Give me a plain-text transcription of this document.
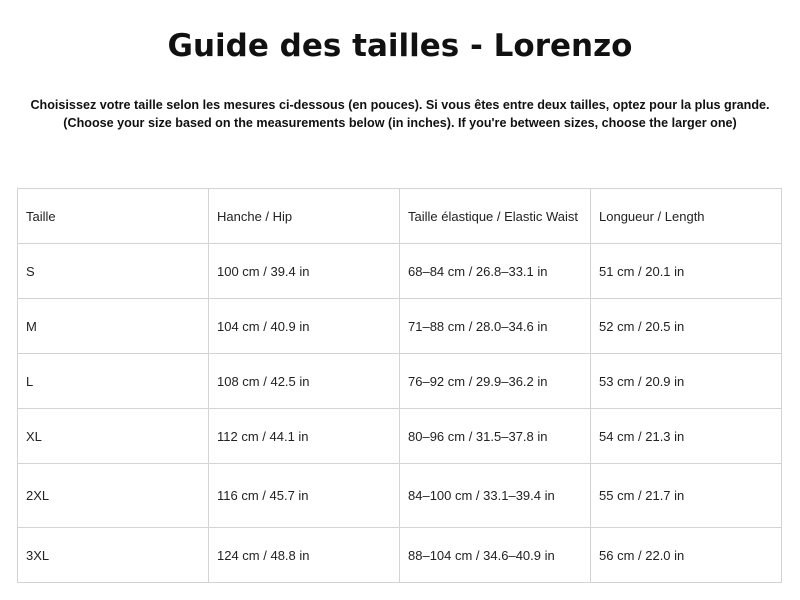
Guide des tailles - Lorenzo
Choisissez votre taille selon les mesures ci-dessous (en pouces). Si vous êtes entre deux tailles, optez pour la plus grande.
(Choose your size based on the measurements below (in inches). If you're between sizes, choose the larger one)
Taille	Hanche / Hip	Taille élastique / Elastic Waist	Longueur / Length
S	100 cm / 39.4 in	68–84 cm / 26.8–33.1 in	51 cm / 20.1 in
M	104 cm / 40.9 in	71–88 cm / 28.0–34.6 in	52 cm / 20.5 in
L	108 cm / 42.5 in	76–92 cm / 29.9–36.2 in	53 cm / 20.9 in
XL	112 cm / 44.1 in	80–96 cm / 31.5–37.8 in	54 cm / 21.3 in
2XL	116 cm / 45.7 in	84–100 cm / 33.1–39.4 in	55 cm / 21.7 in
3XL	124 cm / 48.8 in	88–104 cm / 34.6–40.9 in	56 cm / 22.0 in
